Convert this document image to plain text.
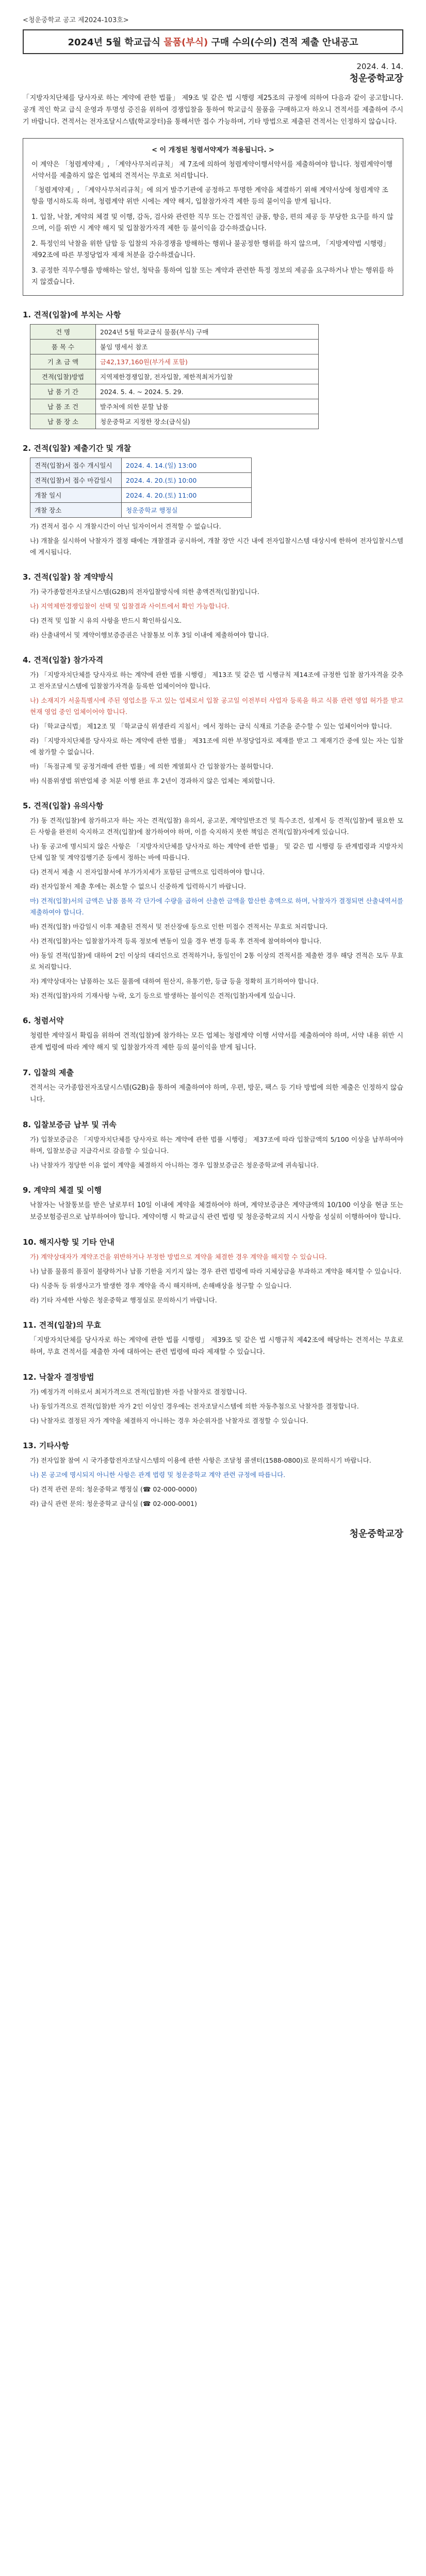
<청운중학교 공고 제2024-103호>
2024년 5월 학교급식 물품(부식) 구매 수의(수의) 견적 제출 안내공고
2024. 4. 14.
청운중학교장

「지방자치단체를 당사자로 하는 계약에 관한 법률」 제9조 및 같은 법 시행령 제25조의 규정에 의하여 다음과 같이 공고합니다. 공개 적인 학교 급식 운영과 투명성 증진을 위하여 경쟁입찰을 통하여 학교급식 물품을 구매하고자 하오니 견적서를 제출하여 주시기 바랍니다. 견적서는 전자조달시스템(학교장터)을 통해서만 접수 가능하며, 기타 방법으로 제출된 견적서는 인정하지 않습니다.

< 이 개정된 청렴서약제가 적용됩니다. >

이 계약은 「청렴계약제」, 「계약사무처리규칙」 제 7조에 의하여 청렴계약이행서약서를 제출하여야 합니다. 청렴계약이행서약서를 제출하지 않은 업체의 견적서는 무효로 처리합니다.

「청렴계약제」, 「계약사무처리규칙」에 의거 발주기관에 공정하고 투명한 계약을 체결하기 위해 계약서상에 청렴계약 조항을 명시하도록 하며, 청렴계약 위반 시에는 계약 해지, 입찰참가자격 제한 등의 불이익을 받게 됩니다.

1. 입찰, 낙찰, 계약의 체결 및 이행, 감독, 검사와 관련한 직무 또는 간접적인 금품, 향응, 편의 제공 등 부당한 요구를 하지 않으며, 이를 위반 시 계약 해지 및 입찰참가자격 제한 등 불이익을 감수하겠습니다.
2. 특정인의 낙찰을 위한 담합 등 입찰의 자유경쟁을 방해하는 행위나 불공정한 행위를 하지 않으며, 「지방계약법 시행령」 제92조에 따른 부정당업자 제재 처분을 감수하겠습니다.
3. 공정한 직무수행을 방해하는 알선, 청탁을 통하여 입찰 또는 계약과 관련한 특정 정보의 제공을 요구하거나 받는 행위를 하지 않겠습니다.
1. 견적(입찰)에 부치는 사항
건 명	2024년 5월 학교급식 물품(부식) 구매
품 목 수	붙임 명세서 참조
기 초 금 액	금42,137,160원(부가세 포함)
견적(입찰)방법	지역제한경쟁입찰, 전자입찰, 제한적최저가입찰
납 품 기 간	2024. 5. 4. ~ 2024. 5. 29.
납 품 조 건	발주처에 의한 분할 납품
납 품 장 소	청운중학교 지정한 장소(급식실)
2. 견적(입찰) 제출기간 및 개찰
견적(입찰)서 접수 개시일시	2024. 4. 14.(일) 13:00
견적(입찰)서 접수 마감일시	2024. 4. 20.(토) 10:00
개찰 일시	2024. 4. 20.(토) 11:00
개찰 장소	청운중학교 행정실
가) 견적서 접수 시 개찰시간이 아닌 일자이어서 견적할 수 없습니다.
나) 개찰을 실시하여 낙찰자가 결정 때에는 개찰결과 공시하여, 개찰 장만 시간 내에 전자입찰시스템 대상시에 한하여 전자입찰시스템에 게시됩니다.
3. 견적(입찰) 참 계약방식
가) 국가종합전자조달시스템(G2B)의 전자입찰방식에 의한 총액견적(입찰)입니다.
나) 지역제한경쟁입찰이 선택 및 입찰결과 사이트에서 확인 가능합니다.
다) 견적 및 입찰 시 유의 사항을 반드시 확인하십시오.
라) 산출내역서 및 계약이행보증증권은 낙찰통보 이후 3일 이내에 제출하여야 합니다.
4. 견적(입찰) 참가자격
가) 「지방자치단체를 당사자로 하는 계약에 관한 법률 시행령」 제13조 및 같은 법 시행규칙 제14조에 규정한 입찰 참가자격을 갖추고 전자조달시스템에 입찰참가자격을 등록한 업체이어야 합니다.
나) 소재지가 서울특별시에 주된 영업소를 두고 있는 업체로서 입찰 공고일 이전부터 사업자 등록을 하고 식품 관련 영업 허가를 받고 현재 영업 중인 업체이어야 합니다.
다) 「학교급식법」 제12조 및 「학교급식 위생관리 지침서」에서 정하는 급식 식재료 기준을 준수할 수 있는 업체이어야 합니다.
라) 「지방자치단체를 당사자로 하는 계약에 관한 법률」 제31조에 의한 부정당업자로 제재를 받고 그 제재기간 중에 있는 자는 입찰에 참가할 수 없습니다.
마) 「독점규제 및 공정거래에 관한 법률」에 의한 계열회사 간 입찰참가는 불허합니다.
바) 식품위생법 위반업체 중 처분 이행 완료 후 2년이 경과하지 않은 업체는 제외합니다.
5. 견적(입찰) 유의사항
가) 동 견적(입찰)에 참가하고자 하는 자는 견적(입찰) 유의서, 공고문, 계약일반조건 및 특수조건, 설계서 등 견적(입찰)에 필요한 모든 사항을 완전히 숙지하고 견적(입찰)에 참가하여야 하며, 이를 숙지하지 못한 책임은 견적(입찰)자에게 있습니다.
나) 동 공고에 명시되지 않은 사항은 「지방자치단체를 당사자로 하는 계약에 관한 법률」 및 같은 법 시행령 등 관계법령과 지방자치단체 입찰 및 계약집행기준 등에서 정하는 바에 따릅니다.
다) 견적서 제출 시 전자입찰서에 부가가치세가 포함된 금액으로 입력하여야 합니다.
라) 전자입찰서 제출 후에는 취소할 수 없으니 신중하게 입력하시기 바랍니다.
마) 견적(입찰)서의 금액은 납품 품목 각 단가에 수량을 곱하여 산출한 금액을 합산한 총액으로 하며, 낙찰자가 결정되면 산출내역서를 제출하여야 합니다.
바) 견적(입찰) 마감일시 이후 제출된 견적서 및 전산장애 등으로 인한 미접수 견적서는 무효로 처리합니다.
사) 견적(입찰)자는 입찰참가자격 등록 정보에 변동이 있을 경우 변경 등록 후 견적에 참여하여야 합니다.
아) 동일 견적(입찰)에 대하여 2인 이상의 대리인으로 견적하거나, 동일인이 2통 이상의 견적서를 제출한 경우 해당 견적은 모두 무효로 처리합니다.
자) 계약상대자는 납품하는 모든 물품에 대하여 원산지, 유통기한, 등급 등을 정확히 표기하여야 합니다.
차) 견적(입찰)자의 기재사항 누락, 오기 등으로 발생하는 불이익은 견적(입찰)자에게 있습니다.
6. 청렴서약

청렴한 계약질서 확립을 위하여 견적(입찰)에 참가하는 모든 업체는 청렴계약 이행 서약서를 제출하여야 하며, 서약 내용 위반 시 관계 법령에 따라 계약 해지 및 입찰참가자격 제한 등의 불이익을 받게 됩니다.

7. 입찰의 제출

견적서는 국가종합전자조달시스템(G2B)을 통하여 제출하여야 하며, 우편, 방문, 팩스 등 기타 방법에 의한 제출은 인정하지 않습니다.

8. 입찰보증금 납부 및 귀속
가) 입찰보증금은 「지방자치단체를 당사자로 하는 계약에 관한 법률 시행령」 제37조에 따라 입찰금액의 5/100 이상을 납부하여야 하며, 입찰보증금 지급각서로 갈음할 수 있습니다.
나) 낙찰자가 정당한 이유 없이 계약을 체결하지 아니하는 경우 입찰보증금은 청운중학교에 귀속됩니다.
9. 계약의 체결 및 이행

낙찰자는 낙찰통보를 받은 날로부터 10일 이내에 계약을 체결하여야 하며, 계약보증금은 계약금액의 10/100 이상을 현금 또는 보증보험증권으로 납부하여야 합니다. 계약이행 시 학교급식 관련 법령 및 청운중학교의 지시 사항을 성실히 이행하여야 합니다.

10. 해지사항 및 기타 안내
가) 계약상대자가 계약조건을 위반하거나 부정한 방법으로 계약을 체결한 경우 계약을 해지할 수 있습니다.
나) 납품 물품의 품질이 불량하거나 납품 기한을 지키지 않는 경우 관련 법령에 따라 지체상금을 부과하고 계약을 해지할 수 있습니다.
다) 식중독 등 위생사고가 발생한 경우 계약을 즉시 해지하며, 손해배상을 청구할 수 있습니다.
라) 기타 자세한 사항은 청운중학교 행정실로 문의하시기 바랍니다.
11. 견적(입찰)의 무효

「지방자치단체를 당사자로 하는 계약에 관한 법률 시행령」 제39조 및 같은 법 시행규칙 제42조에 해당하는 견적서는 무효로 하며, 무효 견적서를 제출한 자에 대하여는 관련 법령에 따라 제재할 수 있습니다.

12. 낙찰자 결정방법
가) 예정가격 이하로서 최저가격으로 견적(입찰)한 자를 낙찰자로 결정합니다.
나) 동일가격으로 견적(입찰)한 자가 2인 이상인 경우에는 전자조달시스템에 의한 자동추첨으로 낙찰자를 결정합니다.
다) 낙찰자로 결정된 자가 계약을 체결하지 아니하는 경우 차순위자를 낙찰자로 결정할 수 있습니다.
13. 기타사항
가) 전자입찰 참여 시 국가종합전자조달시스템의 이용에 관한 사항은 조달청 콜센터(1588-0800)로 문의하시기 바랍니다.
나) 본 공고에 명시되지 아니한 사항은 관계 법령 및 청운중학교 계약 관련 규정에 따릅니다.
다) 견적 관련 문의: 청운중학교 행정실 (☎ 02-000-0000)
라) 급식 관련 문의: 청운중학교 급식실 (☎ 02-000-0001)
청운중학교장
